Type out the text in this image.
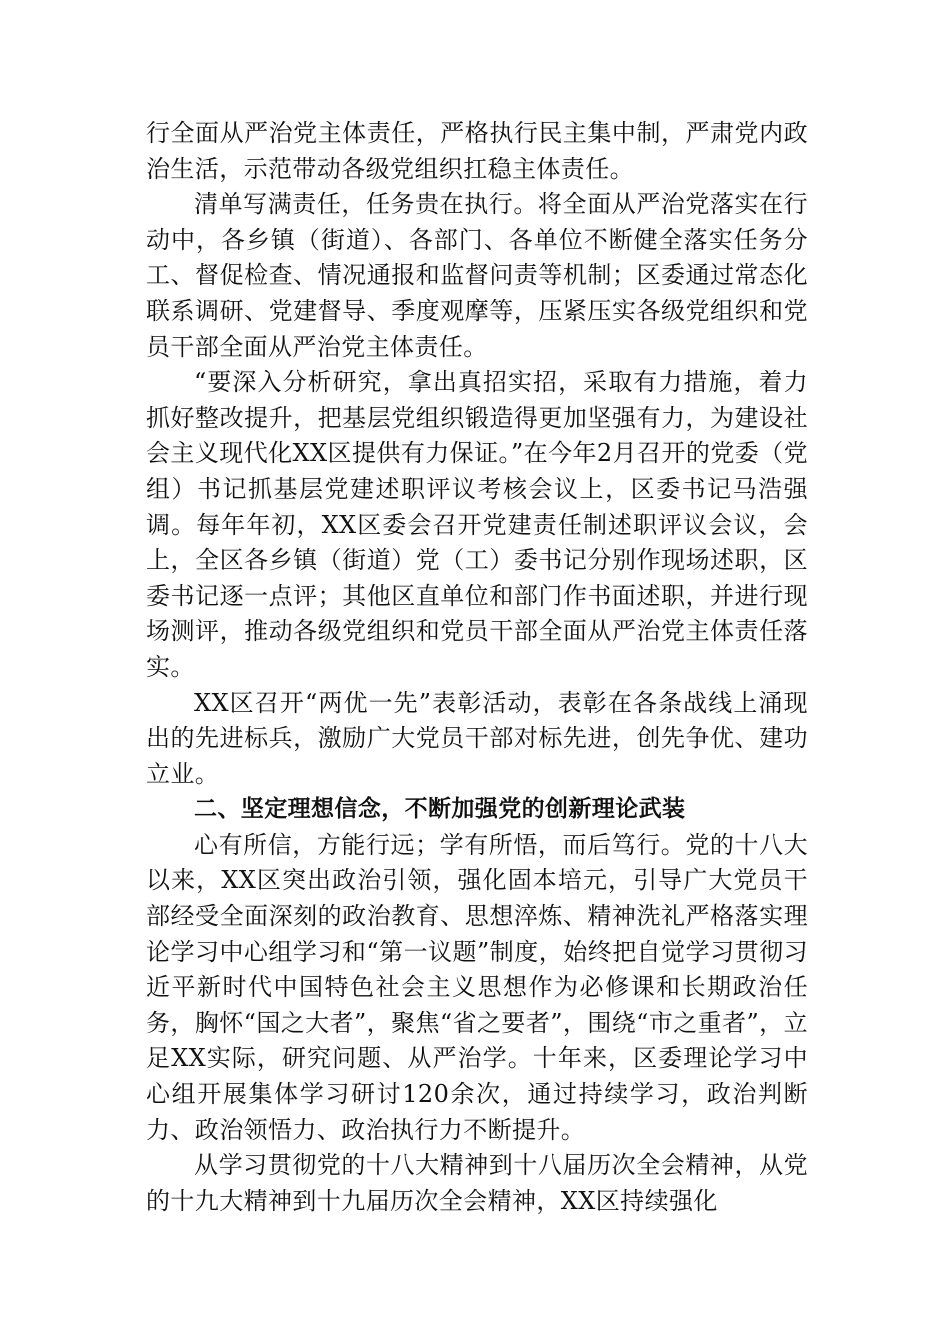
行全面从严治党主体责任，严格执行民主集中制，严肃党内政治生活，示范带动各级党组织扛稳主体责任。

清单写满责任，任务贵在执行。将全面从严治党落实在行动中，各乡镇（街道）、各部门、各单位不断健全落实任务分工、督促检查、情况通报和监督问责等机制；区委通过常态化联系调研、党建督导、季度观摩等，压紧压实各级党组织和党员干部全面从严治党主体责任。

“要深入分析研究，拿出真招实招，采取有力措施，着力抓好整改提升，把基层党组织锻造得更加坚强有力，为建设社会主义现代化XX区提供有力保证。”在今年2月召开的党委（党组）书记抓基层党建述职评议考核会议上，区委书记马浩强调。每年年初，XX区委会召开党建责任制述职评议会议，会上，全区各乡镇（街道）党（工）委书记分别作现场述职，区委书记逐一点评；其他区直单位和部门作书面述职，并进行现场测评，推动各级党组织和党员干部全面从严治党主体责任落实。

XX区召开“两优一先”表彰活动，表彰在各条战线上涌现出的先进标兵，激励广大党员干部对标先进，创先争优、建功立业。

二、坚定理想信念，不断加强党的创新理论武装

心有所信，方能行远；学有所悟，而后笃行。党的十八大以来，XX区突出政治引领，强化固本培元，引导广大党员干部经受全面深刻的政治教育、思想淬炼、精神洗礼严格落实理论学习中心组学习和“第一议题”制度，始终把自觉学习贯彻习近平新时代中国特色社会主义思想作为必修课和长期政治任务，胸怀“国之大者”，聚焦“省之要者”，围绕“市之重者”，立足XX实际，研究问题、从严治学。十年来，区委理论学习中心组开展集体学习研讨120余次，通过持续学习，政治判断力、政治领悟力、政治执行力不断提升。

从学习贯彻党的十八大精神到十八届历次全会精神，从党的十九大精神到十九届历次全会精神，XX区持续强化
